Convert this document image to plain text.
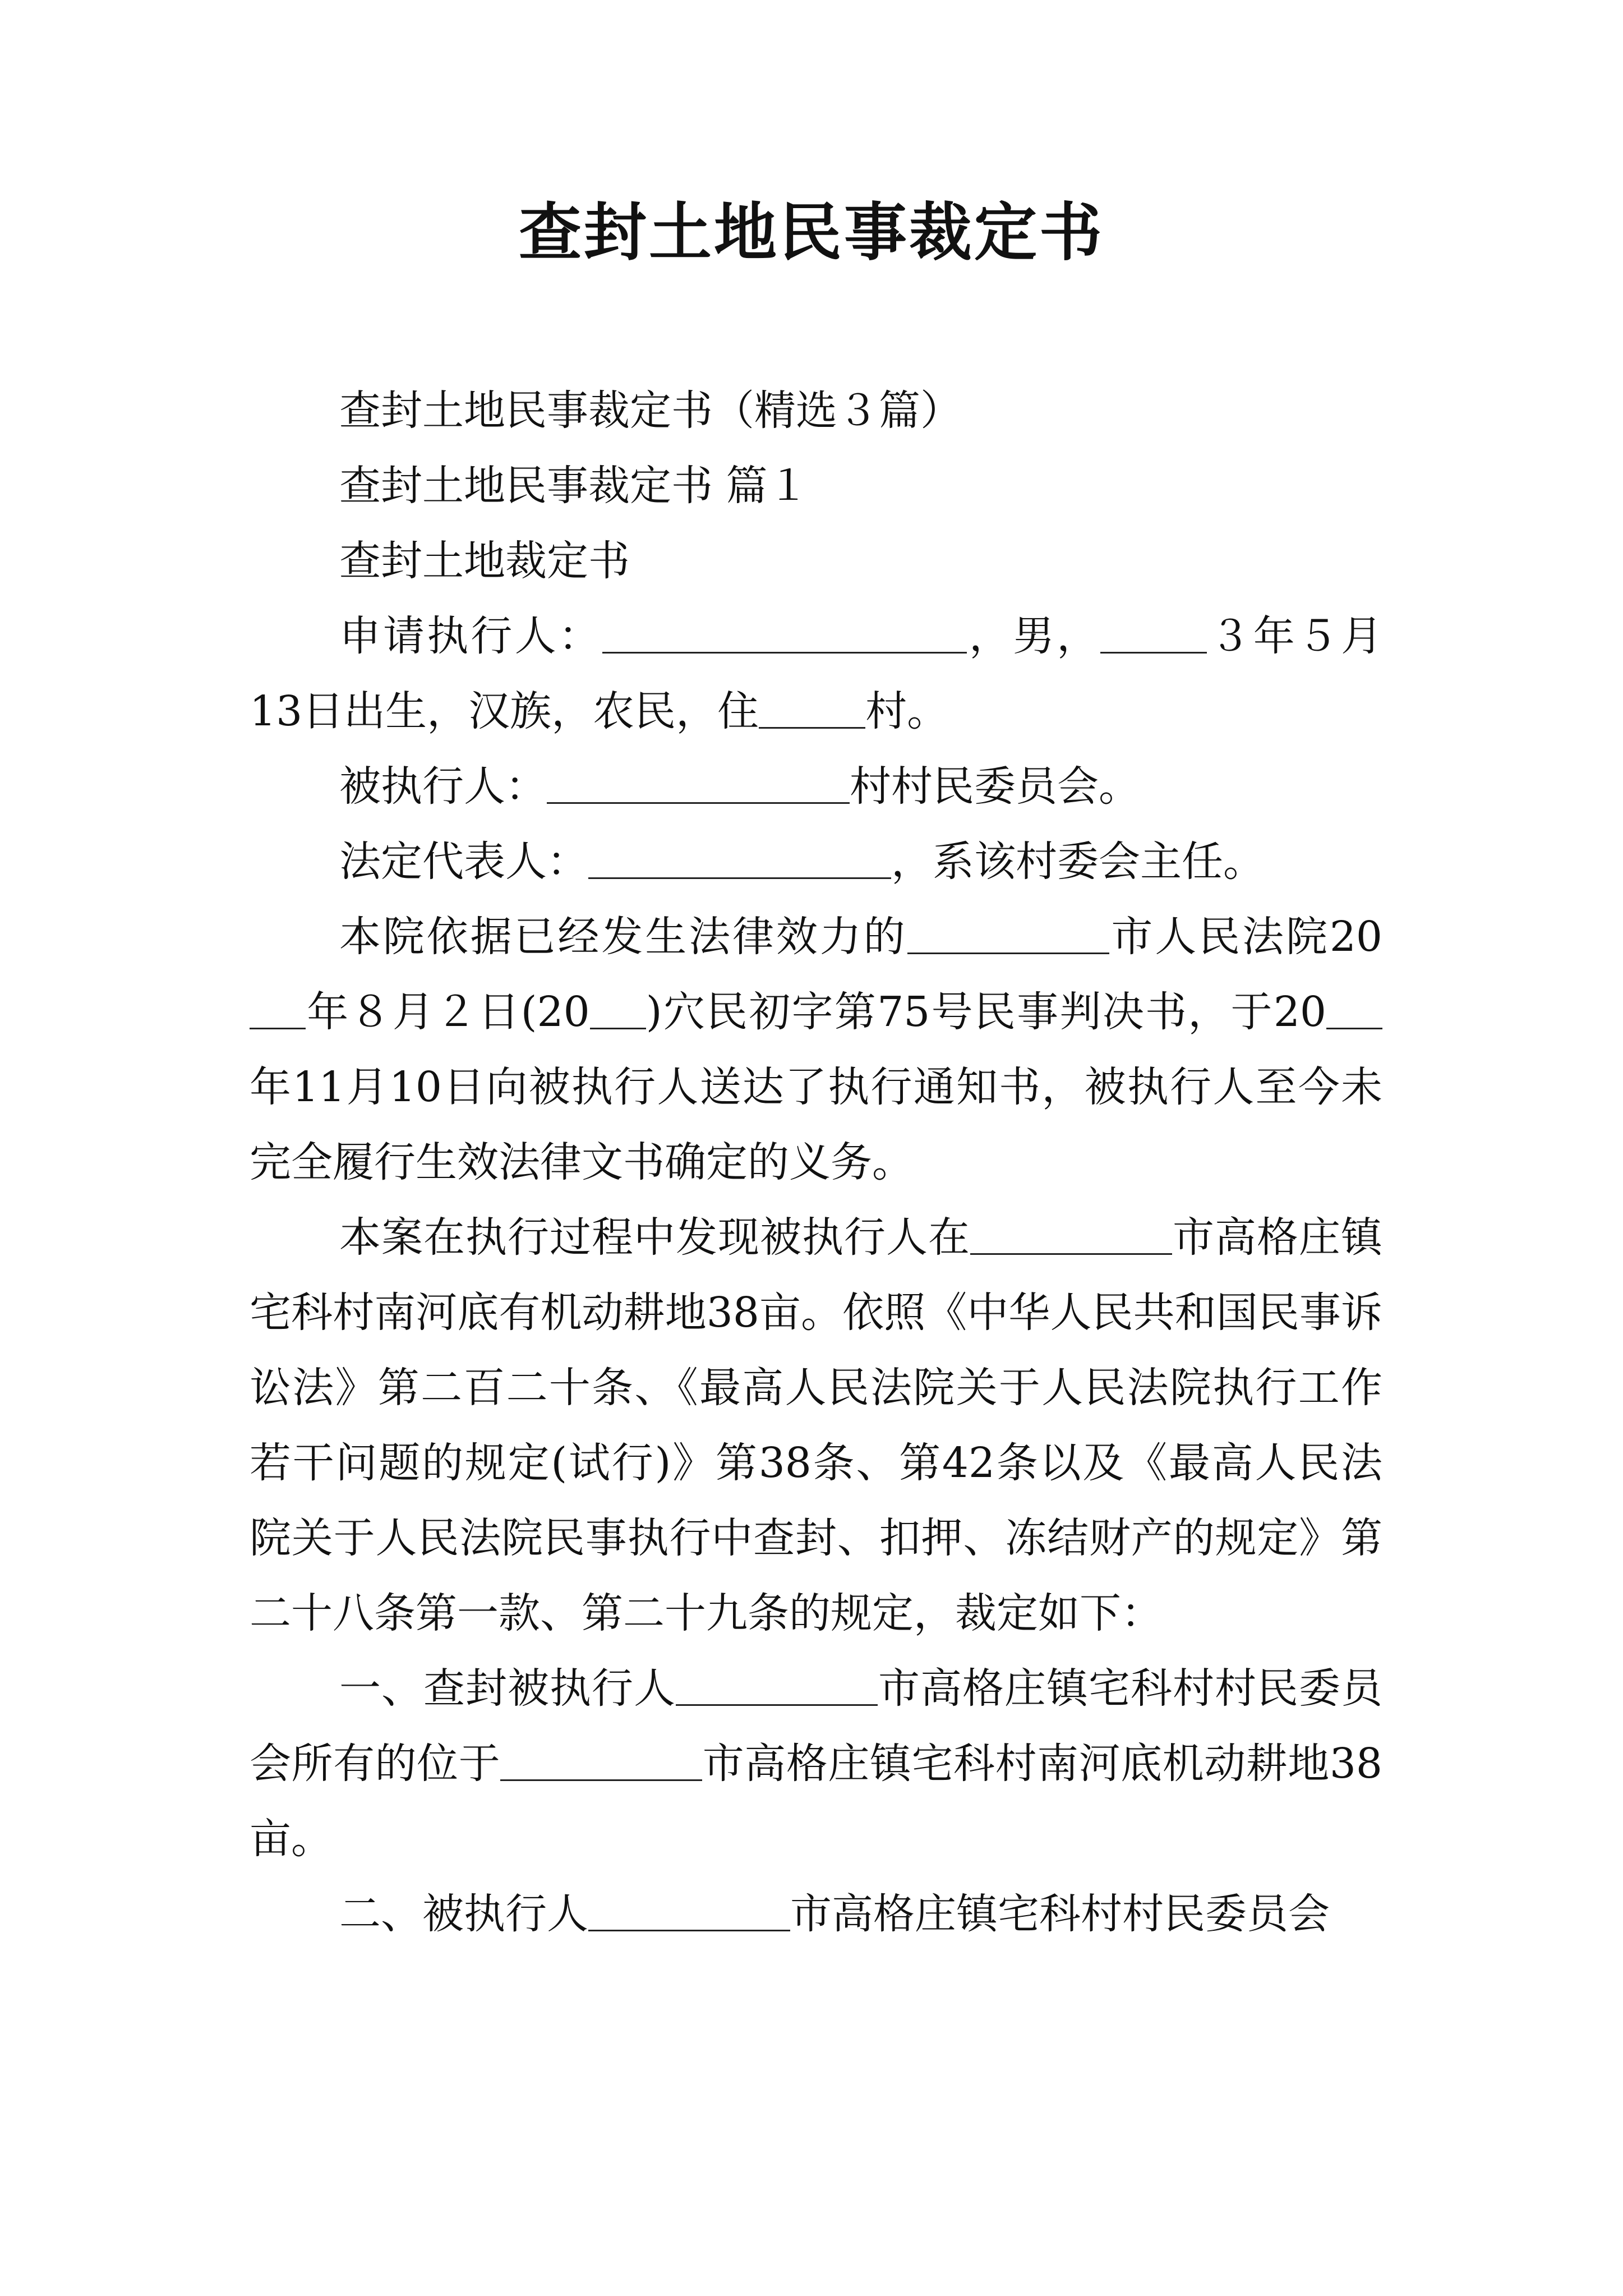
查封土地民事裁定书

查封土地民事裁定书（精选３篇）

查封土地民事裁定书 篇１

查封土地裁定书

申请执行人：	，男，	３年５月13日出生，汉族，农民，住	村。

被执行人：	村村民委员会。

法定代表人：	，系该村委会主任。

本院依据已经发生法律效力的	市人民法院20年８月２日(20 )穴民初字第75号民事判决书，于20年11月10日向被执行人送达了执行通知书，被执行人至今未完全履行生效法律文书确定的义务。

本案在执行过程中发现被执行人在	市高格庄镇宅科村南河底有机动耕地38亩。依照《中华人民共和国民事诉讼法》第二百二十条、《最高人民法院关于人民法院执行工作若干问题的规定(试行)》第38条、第42条以及《最高人民法院关于人民法院民事执行中查封、扣押、冻结财产的规定》第二十八条第一款、第二十九条的规定，裁定如下：

一、查封被执行人	市高格庄镇宅科村村民委员会所有的位于	市高格庄镇宅科村南河底机动耕地38亩。

二、被执行人	市高格庄镇宅科村村民委员会
